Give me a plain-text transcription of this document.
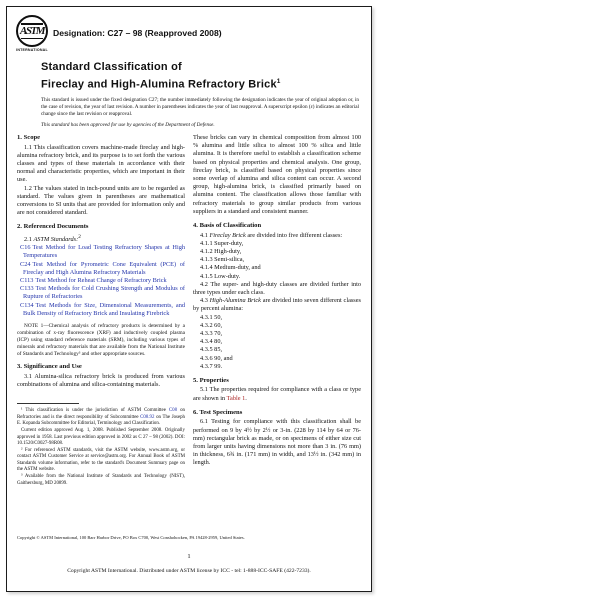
ASTM
INTERNATIONAL
Designation: C27 – 98 (Reapproved 2008)
Standard Classification of
Fireclay and High-Alumina Refractory Brick$^1$
This standard is issued under the fixed designation C27; the number immediately following the designation indicates the year of original adoption or, in the case of revision, the year of last revision. A number in parentheses indicates the year of last reapproval. A superscript epsilon (ε) indicates an editorial change since the last revision or reapproval.
This standard has been approved for use by agencies of the Department of Defense.
1. Scope

1.1 This classification covers machine-made fireclay and high-alumina refractory brick, and its purpose is to set forth the various classes and types of these materials in accordance with their normal and characteristic properties, which are important in their use.

1.2 The values stated in inch-pound units are to be regarded as standard. The values given in parentheses are mathematical conversions to SI units that are provided for information only and are not considered standard.

2. Referenced Documents

2.1 ASTM Standards:$^2$

C16 Test Method for Load Testing Refractory Shapes at High Temperatures
C24 Test Method for Pyrometric Cone Equivalent (PCE) of Fireclay and High Alumina Refractory Materials
C113 Test Method for Reheat Change of Refractory Brick
C133 Test Methods for Cold Crushing Strength and Modulus of Rupture of Refractories
C134 Test Methods for Size, Dimensional Measurements, and Bulk Density of Refractory Brick and Insulating Firebrick

NOTE 1—Chemical analysis of refractory products is determined by a combination of x-ray fluorescence (XRF) and inductively coupled plasma (ICP) using standard reference materials (SRM), including various types of minerals and refractory materials that are available from the National Institute of Standards and Technology³ and other appropriate sources.

3. Significance and Use

3.1 Alumina-silica refractory brick is produced from various combinations of alumina and silica-containing materials.

¹ This classification is under the jurisdiction of ASTM Committee C08 on Refractories and is the direct responsibility of Subcommittee C08.92 on The Joseph E. Kopanda Subcommittee for Editorial, Terminology and Classification.

Current edition approved Aug. 1, 2008. Published September 2008. Originally approved in 1958. Last previous edition approved in 2002 as C 27 – 98 (2002). DOI: 10.1520/C0027-98R08.

² For referenced ASTM standards, visit the ASTM website, www.astm.org, or contact ASTM Customer Service at service@astm.org. For Annual Book of ASTM Standards volume information, refer to the standard's Document Summary page on the ASTM website.

³ Available from the National Institute of Standards and Technology (NIST), Gaithersburg, MD 20899.

These bricks can vary in chemical composition from almost 100 % alumina and little silica to almost 100 % silica and little alumina. It is therefore useful to establish a classification scheme based on physical properties and chemical analysis. One group, fireclay brick, is classified based on physical properties since some overlap of alumina and silica content can occur. A second group, high-alumina brick, is classified primarily based on alumina content. The classification allows those familiar with refractory materials to group similar products from various suppliers in a standard and consistent manner.

4. Basis of Classification

4.1 Fireclay Brick are divided into five different classes:

4.1.1 Super-duty,
4.1.2 High-duty,
4.1.3 Semi-silica,
4.1.4 Medium-duty, and
4.1.5 Low-duty.

4.2 The super- and high-duty classes are divided further into three types under each class.

4.3 High-Alumina Brick are divided into seven different classes by percent alumina:

4.3.1 50,
4.3.2 60,
4.3.3 70,
4.3.4 80,
4.3.5 85,
4.3.6 90, and
4.3.7 99.
5. Properties

5.1 The properties required for compliance with a class or type are shown in Table 1.

6. Test Specimens

6.1 Testing for compliance with this classification shall be performed on 9 by 4½ by 2½ or 3-in. (228 by 114 by 64 or 76-mm) rectangular brick as made, or on specimens of either size cut from larger units having dimensions not more than 3 in. (76 mm) in thickness, 6¾ in. (171 mm) in width, and 13½ in. (342 mm) in length.

Copyright © ASTM International, 100 Barr Harbor Drive, PO Box C700, West Conshohocken, PA 19428-2959, United States.
1
Copyright ASTM International. Distributed under ASTM license by ICC - tel: 1-888-ICC-SAFE (422-7233).
